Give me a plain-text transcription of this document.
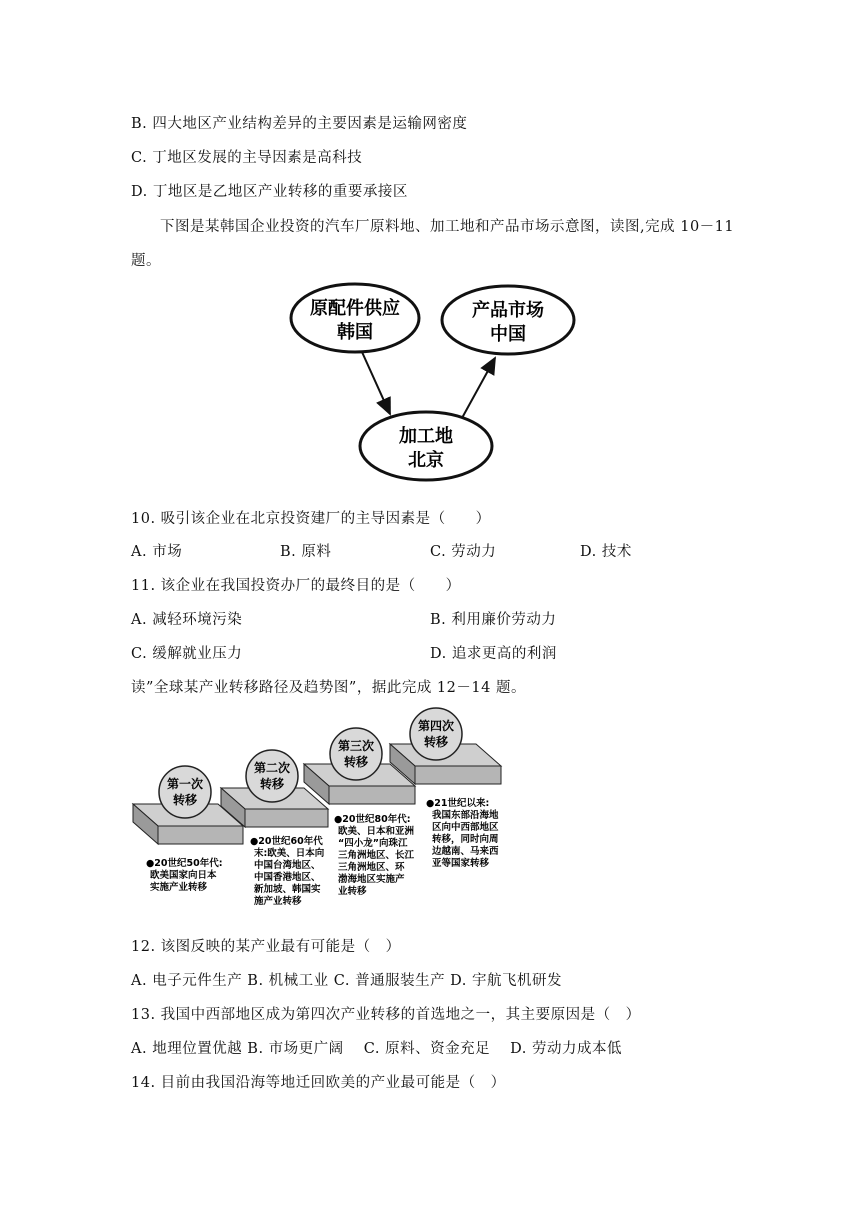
B. 四大地区产业结构差异的主要因素是运输网密度
C. 丁地区发展的主导因素是高科技
D. 丁地区是乙地区产业转移的重要承接区
下图是某韩国企业投资的汽车厂原料地、加工地和产品市场示意图，读图,完成 10－11
题。
原配件供应
韩国
产品市场
中国
加工地
北京
10. 吸引该企业在北京投资建厂的主导因素是（　　）
A. 市场	B. 原料	C. 劳动力	D. 技术
11. 该企业在我国投资办厂的最终目的是（　　）
A. 减轻环境污染	B. 利用廉价劳动力
C. 缓解就业压力	D. 追求更高的利润
读”全球某产业转移路径及趋势图”，据此完成 12－14 题。
第一次
转移
第二次
转移
第三次
转移
第四次
转移
●20世纪50年代: 欧美国家向日本 实施产业转移
●20世纪60年代 末:欧美、日本向 中国台湾地区、 中国香港地区、 新加坡、韩国实 施产业转移
●20世纪80年代: 欧美、日本和亚洲 “四小龙”向珠江 三角洲地区、长江 三角洲地区、环 渤海地区实施产 业转移
●21世纪以来: 我国东部沿海地 区向中西部地区 转移，同时向周 边越南、马来西 亚等国家转移
12. 该图反映的某产业最有可能是（　）
A. 电子元件生产 B. 机械工业 C. 普通服装生产 D. 宇航飞机研发
13. 我国中西部地区成为第四次产业转移的首选地之一，其主要原因是（　）
A. 地理位置优越 B. 市场更广阔　 C. 原料、资金充足　 D. 劳动力成本低
14. 目前由我国沿海等地迁回欧美的产业最可能是（　）
